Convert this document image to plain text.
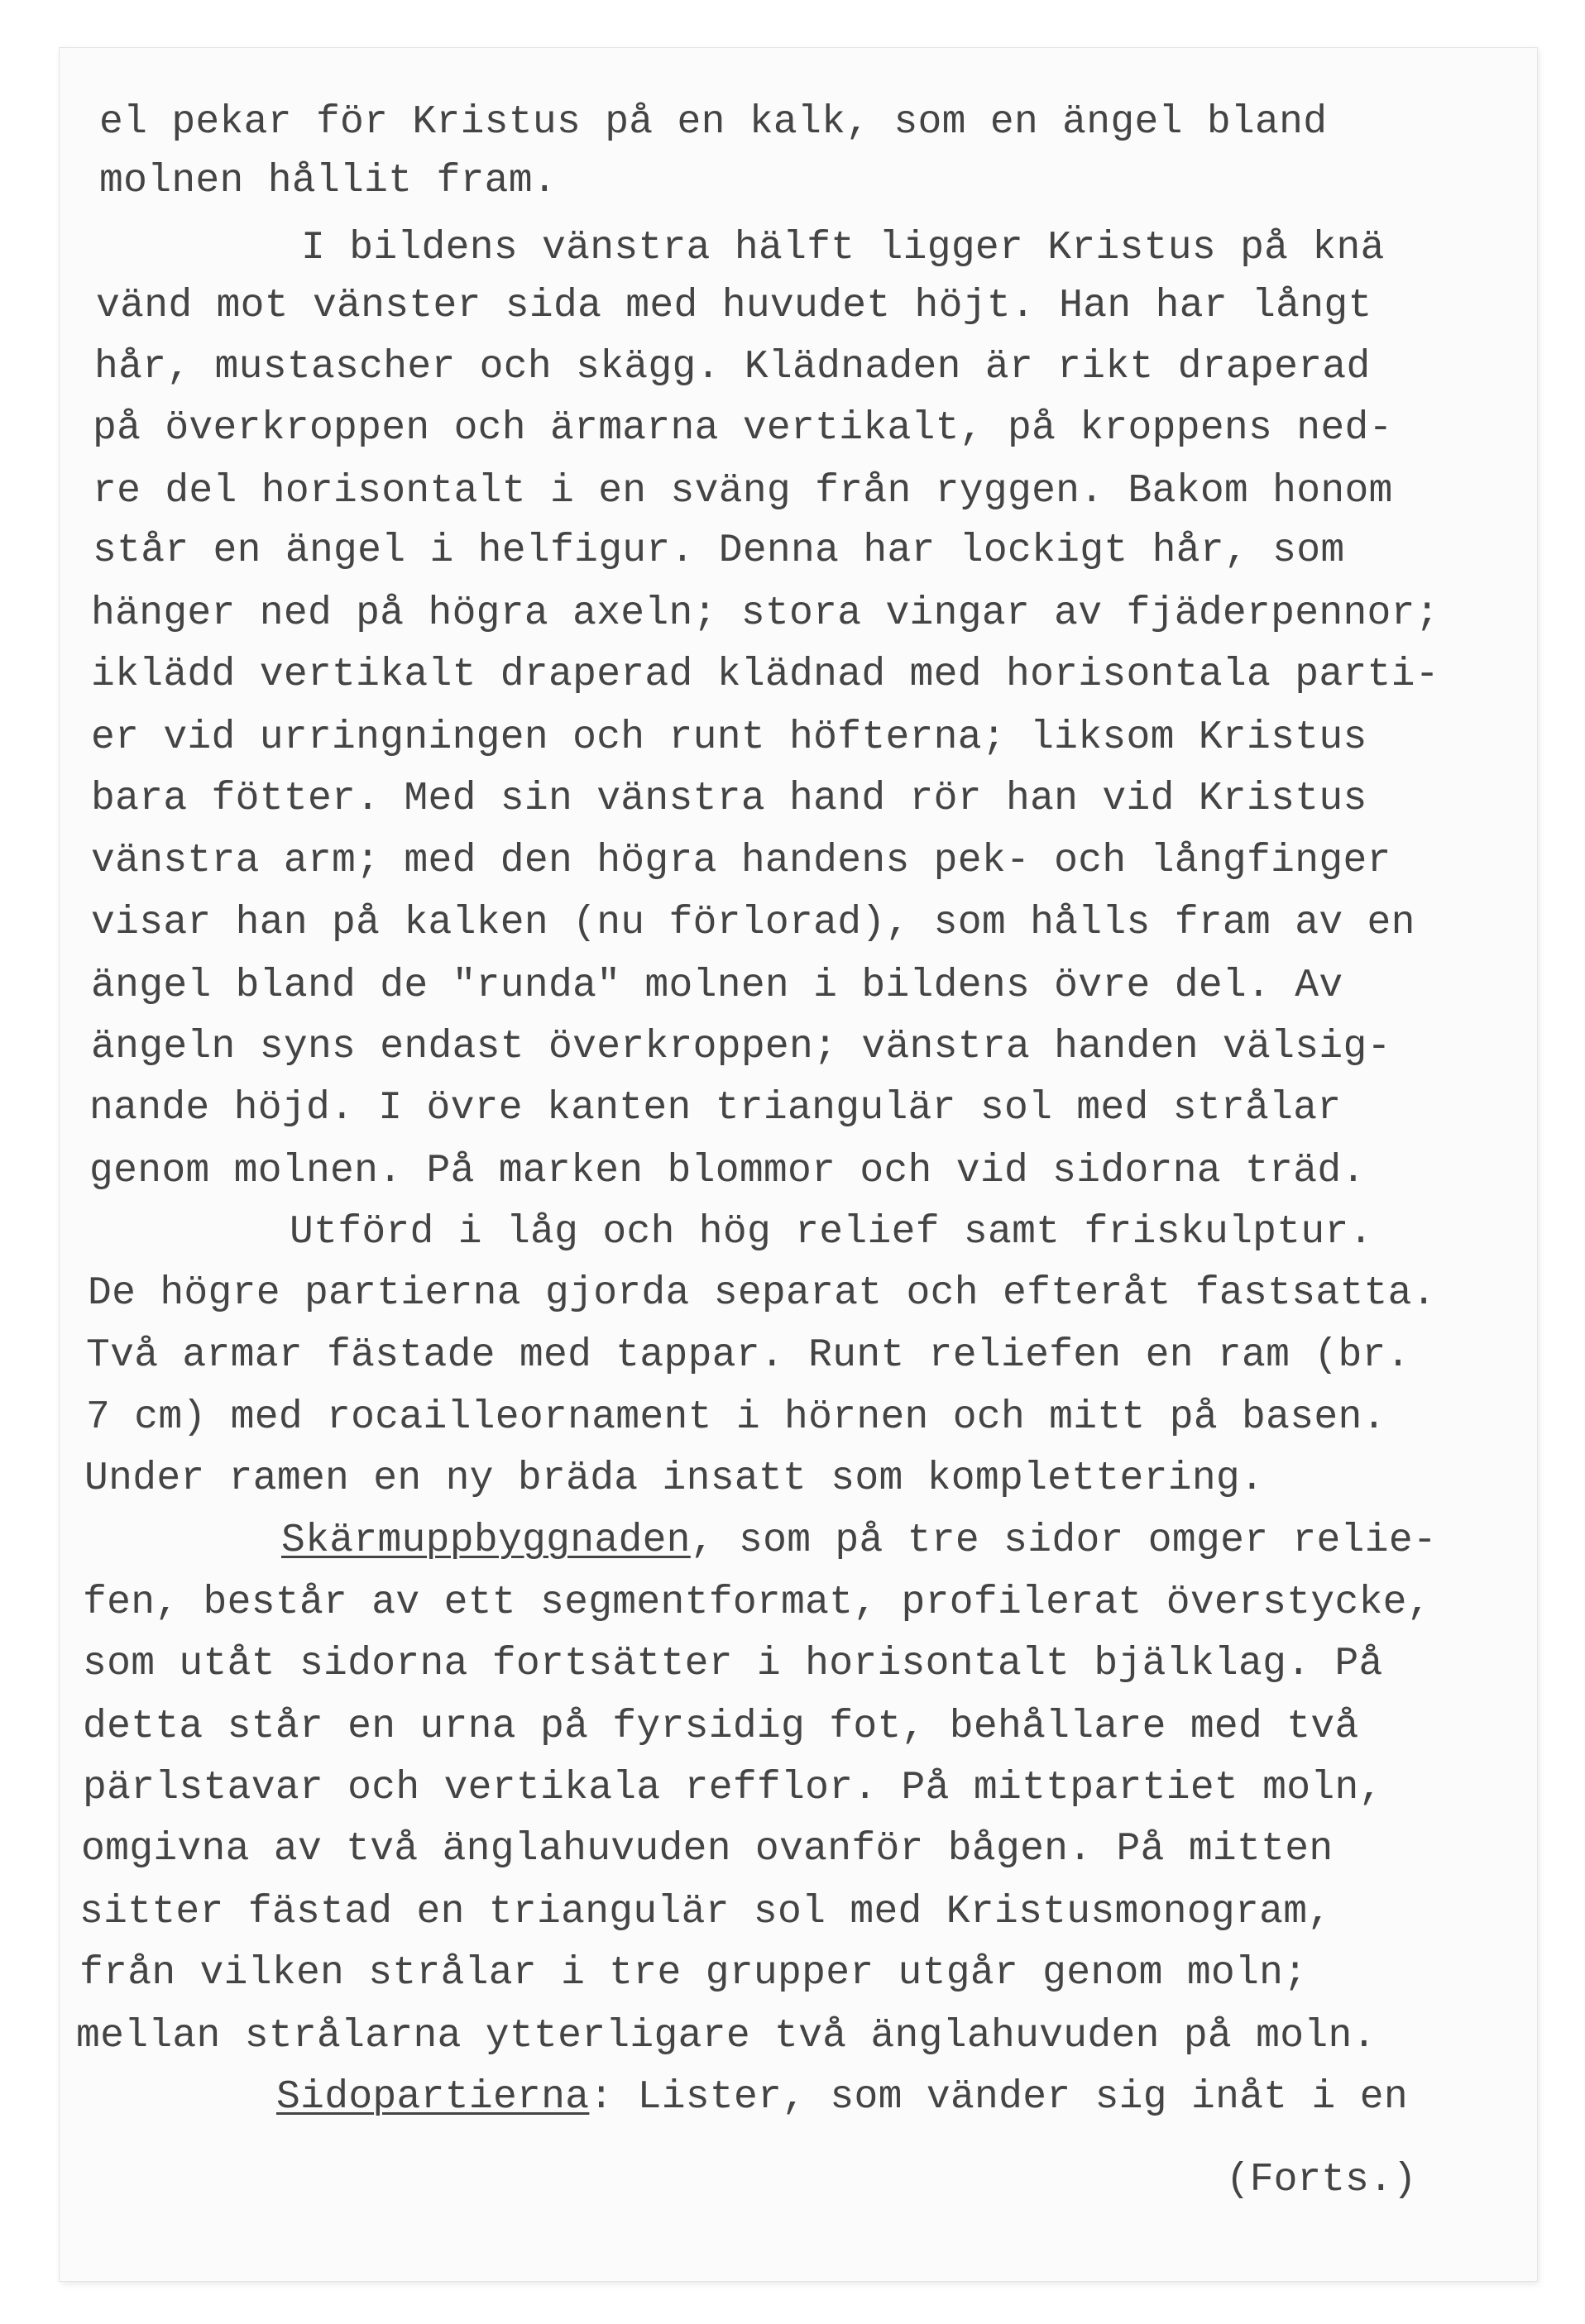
el pekar för Kristus på en kalk, som en ängel bland
molnen hållit fram.
I bildens vänstra hälft ligger Kristus på knä
vänd mot vänster sida med huvudet höjt. Han har långt
hår, mustascher och skägg. Klädnaden är rikt draperad
på överkroppen och ärmarna vertikalt, på kroppens ned-
re del horisontalt i en sväng från ryggen. Bakom honom
står en ängel i helfigur. Denna har lockigt hår, som
hänger ned på högra axeln; stora vingar av fjäderpennor;
iklädd vertikalt draperad klädnad med horisontala parti-
er vid urringningen och runt höfterna; liksom Kristus
bara fötter. Med sin vänstra hand rör han vid Kristus
vänstra arm; med den högra handens pek- och långfinger
visar han på kalken (nu förlorad), som hålls fram av en
ängel bland de "runda" molnen i bildens övre del. Av
ängeln syns endast överkroppen; vänstra handen välsig-
nande höjd. I övre kanten triangulär sol med strålar
genom molnen. På marken blommor och vid sidorna träd.
Utförd i låg och hög relief samt friskulptur.
De högre partierna gjorda separat och efteråt fastsatta.
Två armar fästade med tappar. Runt reliefen en ram (br.
7 cm) med rocailleornament i hörnen och mitt på basen.
Under ramen en ny bräda insatt som komplettering.
Skärmuppbyggnaden, som på tre sidor omger relie-
fen, består av ett segmentformat, profilerat överstycke,
som utåt sidorna fortsätter i horisontalt bjälklag. På
detta står en urna på fyrsidig fot, behållare med två
pärlstavar och vertikala refflor. På mittpartiet moln,
omgivna av två änglahuvuden ovanför bågen. På mitten
sitter fästad en triangulär sol med Kristusmonogram,
från vilken strålar i tre grupper utgår genom moln;
mellan strålarna ytterligare två änglahuvuden på moln.
Sidopartierna: Lister, som vänder sig inåt i en
(Forts.)
